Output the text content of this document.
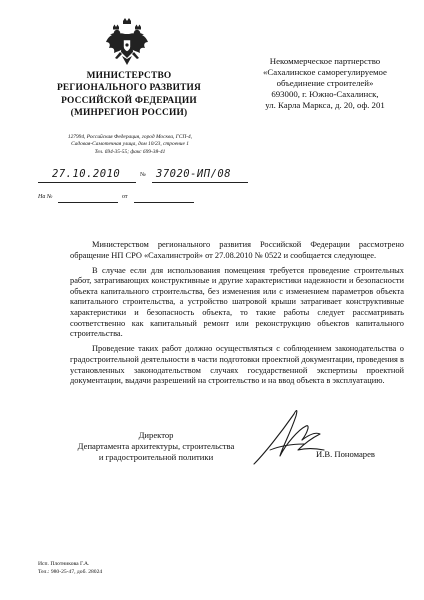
МИНИСТЕРСТВО
РЕГИОНАЛЬНОГО РАЗВИТИЯ
РОССИЙСКОЙ ФЕДЕРАЦИИ
(МИНРЕГИОН РОССИИ)
127994, Российская Федерация, город Москва, ГСП-4,
Садовая-Самотечная улица, дом 10/23, строение 1
Тел. 694-35-55; факс 699-38-41
27.10.2010	№ 37020-ИП/08
На №	от
Некоммерческое партнерство
«Сахалинское саморегулируемое
объединение строителей»
693000, г. Южно-Сахалинск,
ул. Карла Маркса, д. 20, оф. 201

Министерством регионального развития Российской Федерации рассмотрено обращение НП СРО «Сахалинстрой» от 27.08.2010 № 0522 и сообщается следующее.

В случае если для использования помещения требуется проведение строительных работ, затрагивающих конструктивные и другие характеристики надежности и безопасности объекта капитального строительства, без изменения или с изменением параметров объекта капитального строительства, а устройство шатровой крыши затрагивает конструктивные характеристики и безопасность объекта, то такие работы следует рассматривать соответственно как капитальный ремонт или реконструкцию объектов капитального строительства.

Проведение таких работ должно осуществляться с соблюдением законодательства о градостроительной деятельности в части подготовки проектной документации, проведения в установленных законодательством случаях государственной экспертизы проектной документации, выдачи разрешений на строительство и на ввод объекта в эксплуатацию.

Директор
Департамента архитектуры, строительства
и градостроительной политики	И.В. Пономарев
Исп. Плотникова Г.А.
Тел.: 980-25-47, доб. 28024
